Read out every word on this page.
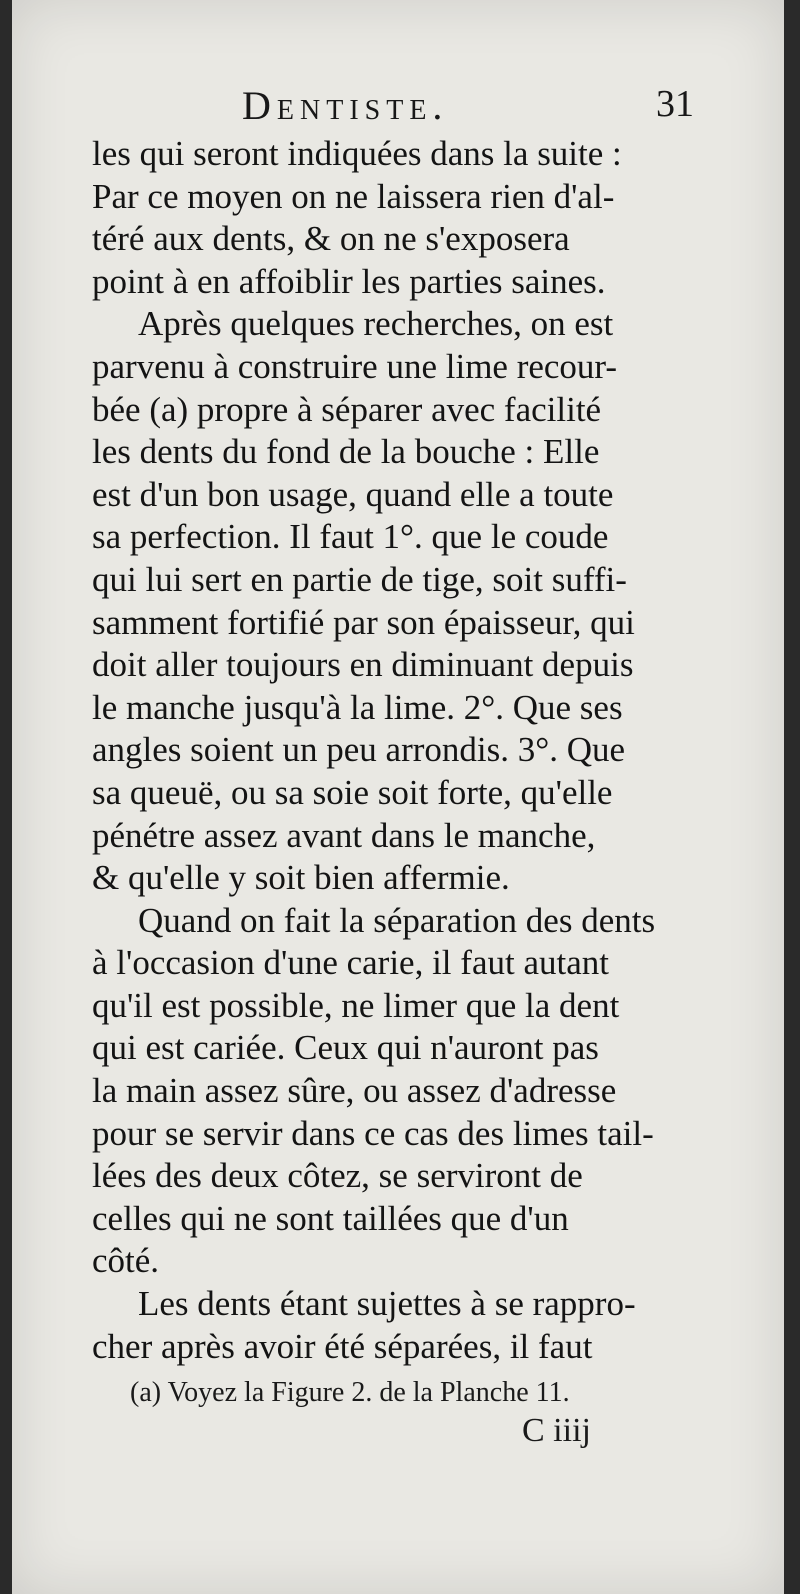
Dentiste.	31
les qui seront indiquées dans la suite :
Par ce moyen on ne laissera rien d'al-
téré aux dents, & on ne s'exposera
point à en affoiblir les parties saines.
Après quelques recherches, on est
parvenu à construire une lime recour-
bée (a) propre à séparer avec facilité
les dents du fond de la bouche : Elle
est d'un bon usage, quand elle a toute
sa perfection. Il faut 1°. que le coude
qui lui sert en partie de tige, soit suffi-
samment fortifié par son épaisseur, qui
doit aller toujours en diminuant depuis
le manche jusqu'à la lime. 2°. Que ses
angles soient un peu arrondis. 3°. Que
sa queuë, ou sa soie soit forte, qu'elle
pénétre assez avant dans le manche,
& qu'elle y soit bien affermie.
Quand on fait la séparation des dents
à l'occasion d'une carie, il faut autant
qu'il est possible, ne limer que la dent
qui est cariée. Ceux qui n'auront pas
la main assez sûre, ou assez d'adresse
pour se servir dans ce cas des limes tail-
lées des deux côtez, se serviront de
celles qui ne sont taillées que d'un
côté.
Les dents étant sujettes à se rappro-
cher après avoir été séparées, il faut
(a) Voyez la Figure 2. de la Planche 11.
C iiij
